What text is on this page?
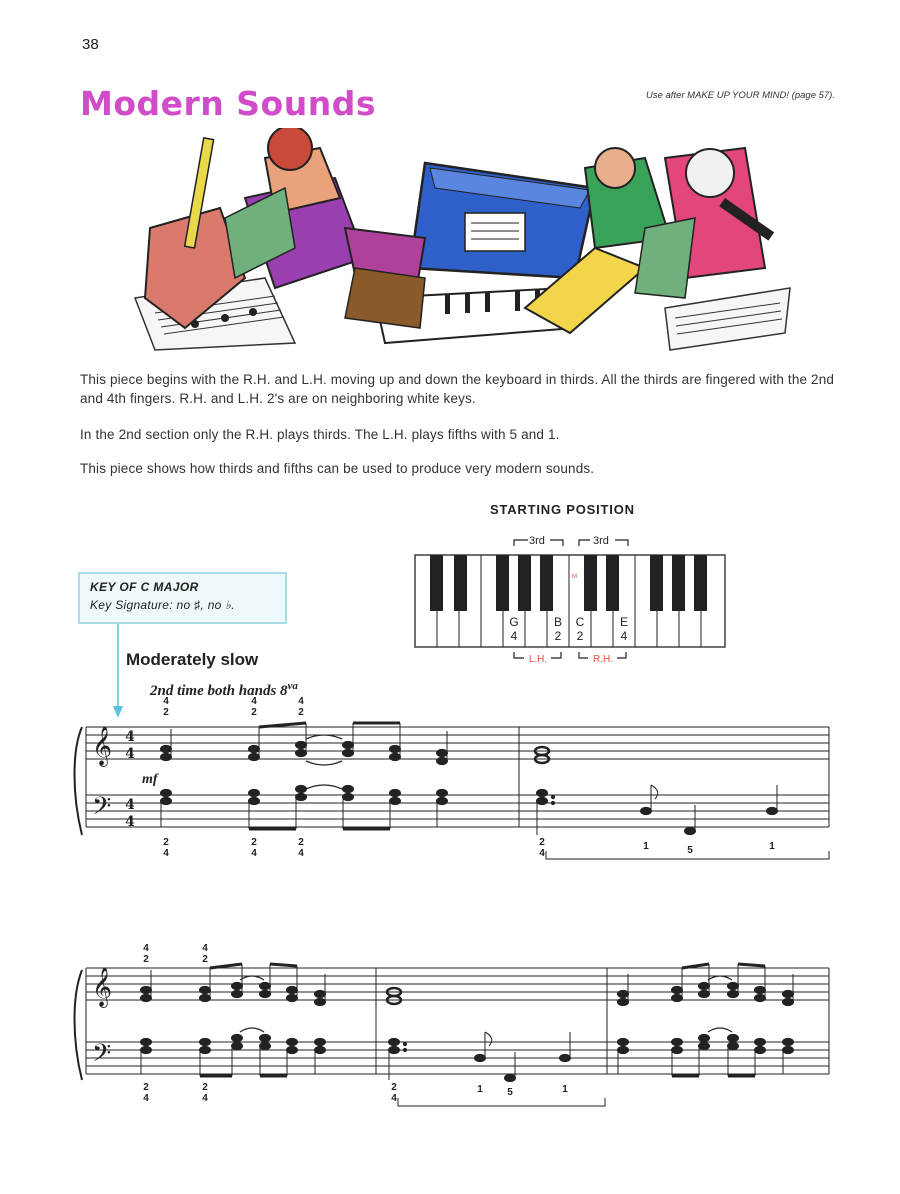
38
Modern Sounds	Use after MAKE UP YOUR MIND! (page 57).
This piece begins with the R.H. and L.H. moving up and down the keyboard in thirds. All the thirds are fingered with the 2nd and 4th fingers. R.H. and L.H. 2's are on neighboring white keys.
In the 2nd section only the R.H. plays thirds. The L.H. plays fifths with 5 and 1.
This piece shows how thirds and fifths can be used to produce very modern sounds.
STARTING POSITION
M
3rd	3rd
G
4
B
2
C
2
E
4
L.H.	R.H.
KEY OF C MAJOR
Key Signature: no ♯, no ♭.
Moderately slow
2nd time both hands $8^{va}$
4
2
4
2
4
2
𝄞
𝄢
4
4
4
4
mf
2
4
2
4
2
4
2
4
1	5	1
4
2
4
2
𝄞
𝄢
2
4
2
4
2
4
1 5	1
